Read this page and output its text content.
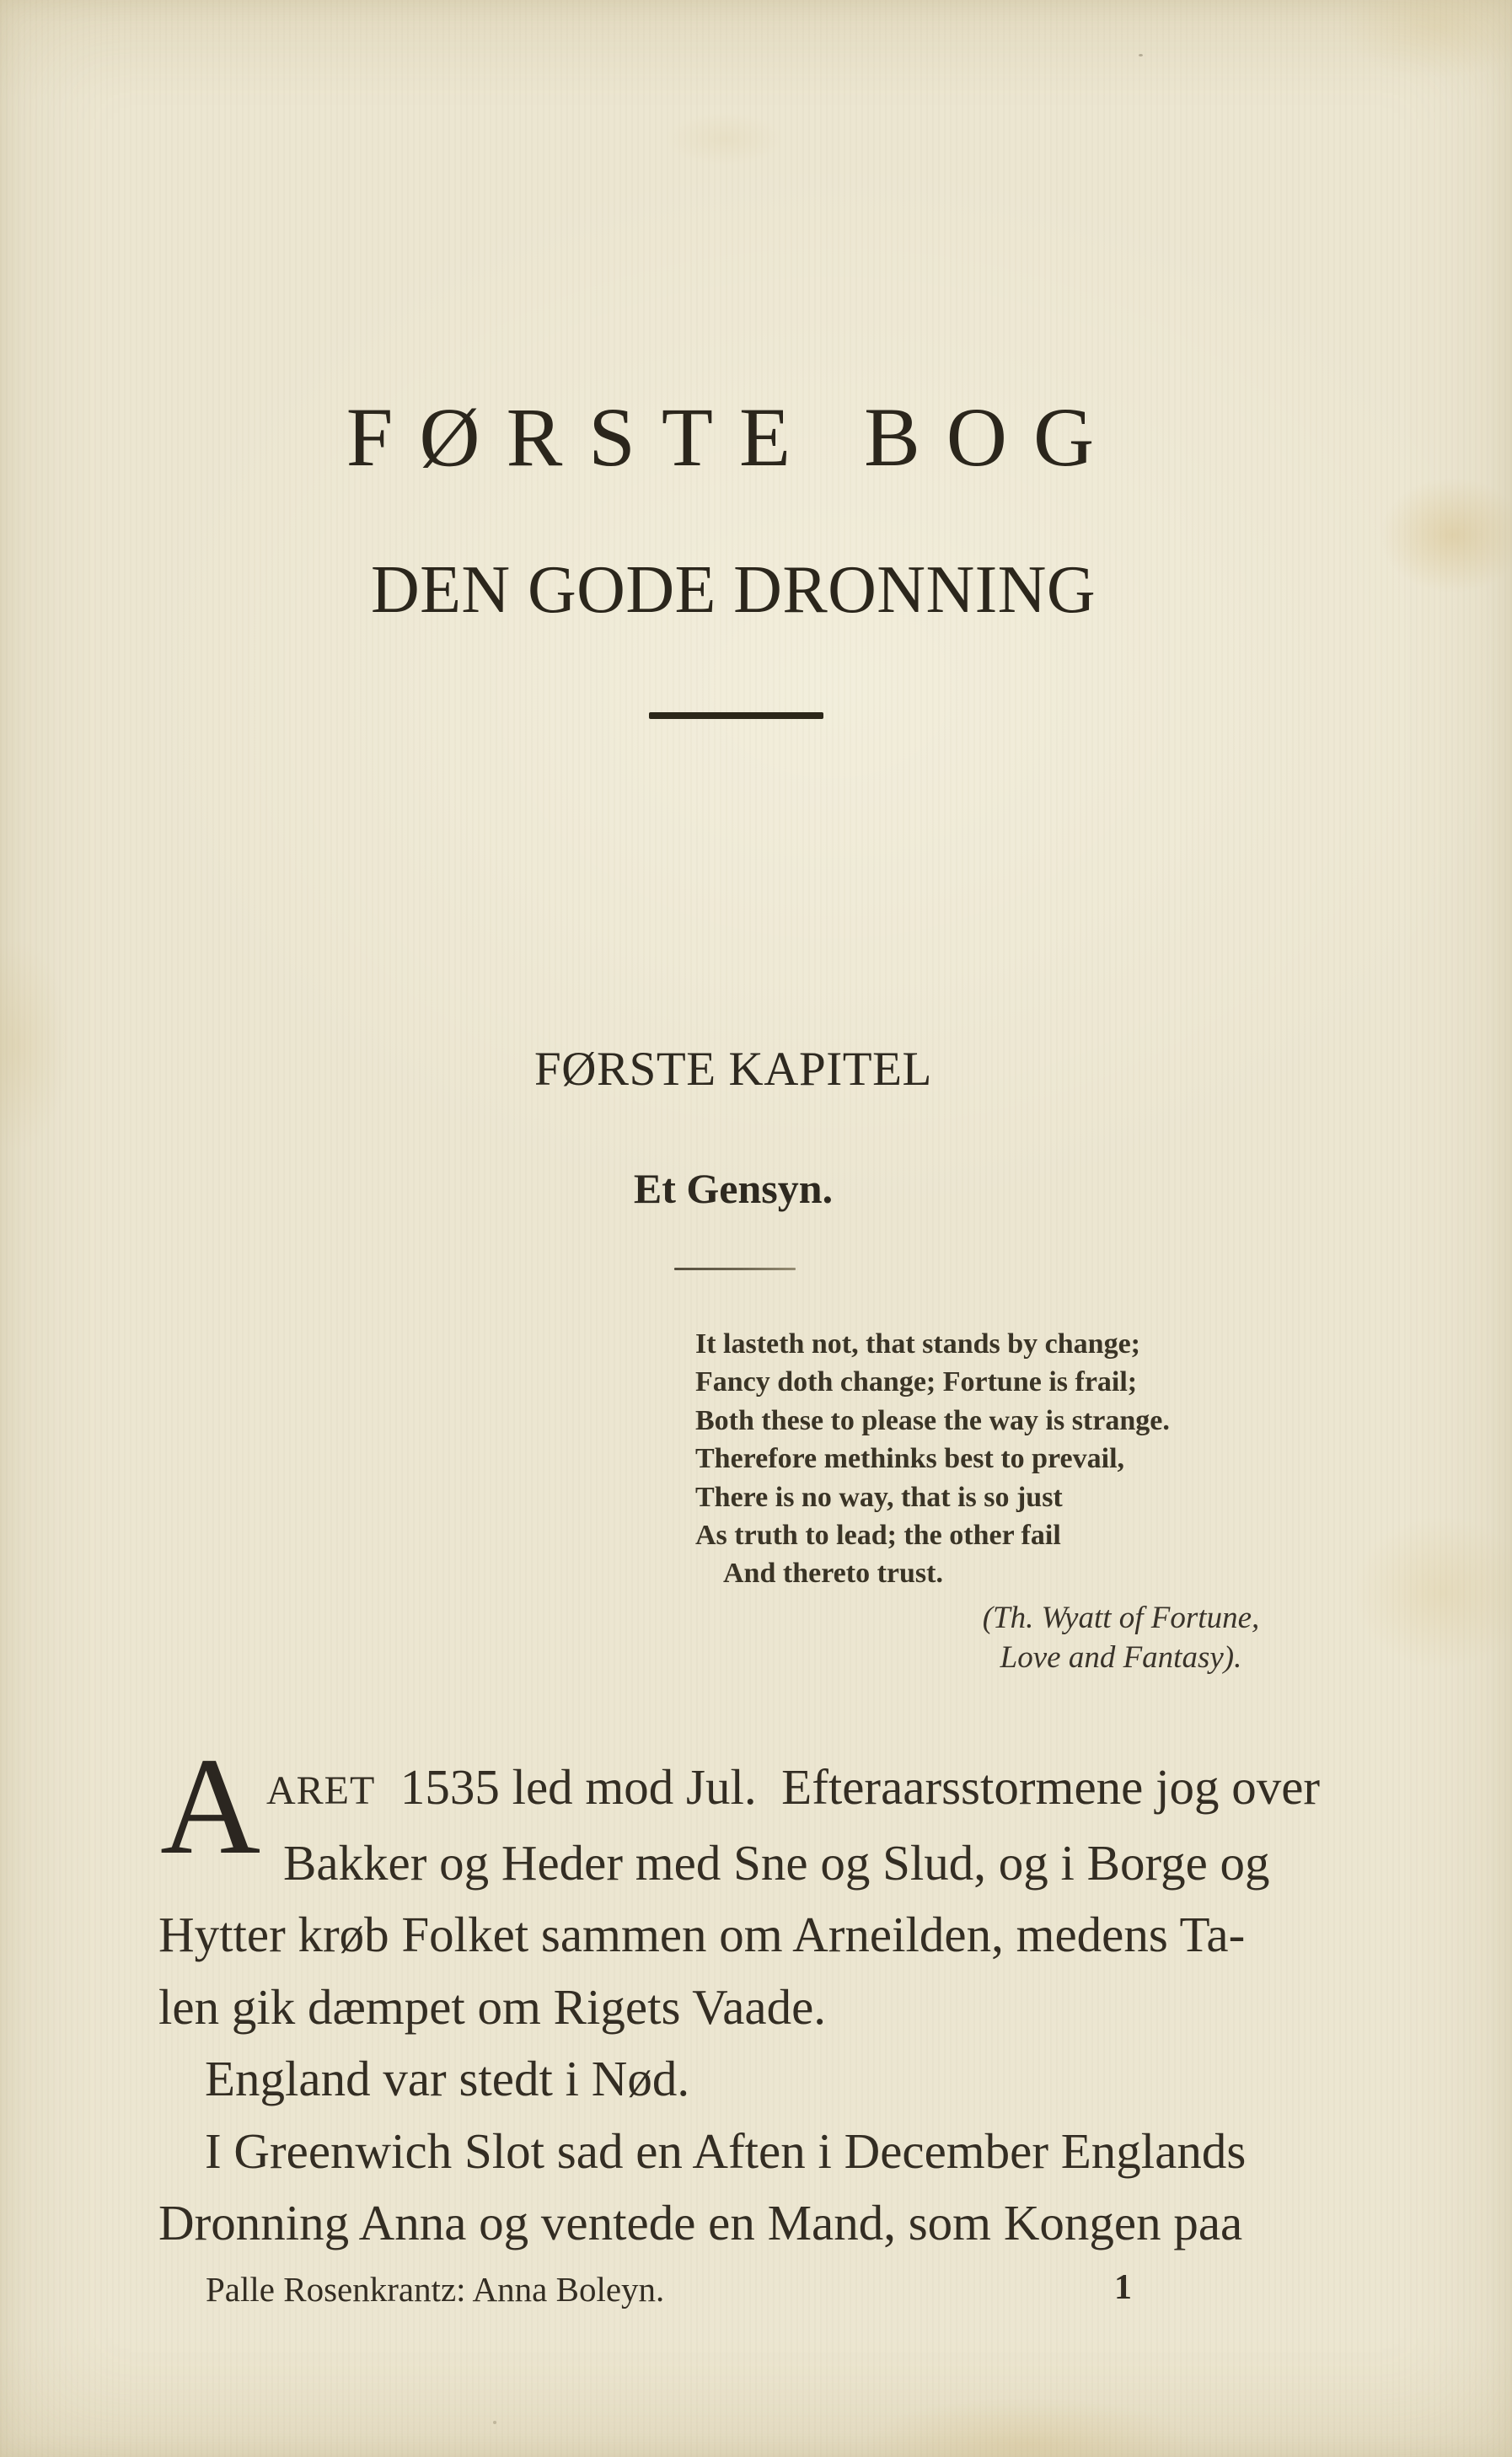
FØRSTE BOG
DEN GODE DRONNING
FØRSTE KAPITEL
Et Gensyn.
It lasteth not, that stands by change;
Fancy doth change; Fortune is frail;
Both these to please the way is strange.
Therefore methinks best to prevail,
There is no way, that is so just
As truth to lead; the other fail
And thereto trust.
(Th. Wyatt of Fortune,
Love and Fantasy).
A ARET 1535 led mod Jul. Efteraarsstormene jog over
Bakker og Heder med Sne og Slud, og i Borge og
Hytter krøb Folket sammen om Arneilden, medens Ta-
len gik dæmpet om Rigets Vaade.
England var stedt i Nød.
I Greenwich Slot sad en Aften i December Englands
Dronning Anna og ventede en Mand, som Kongen paa
Palle Rosenkrantz: Anna Boleyn.	1
